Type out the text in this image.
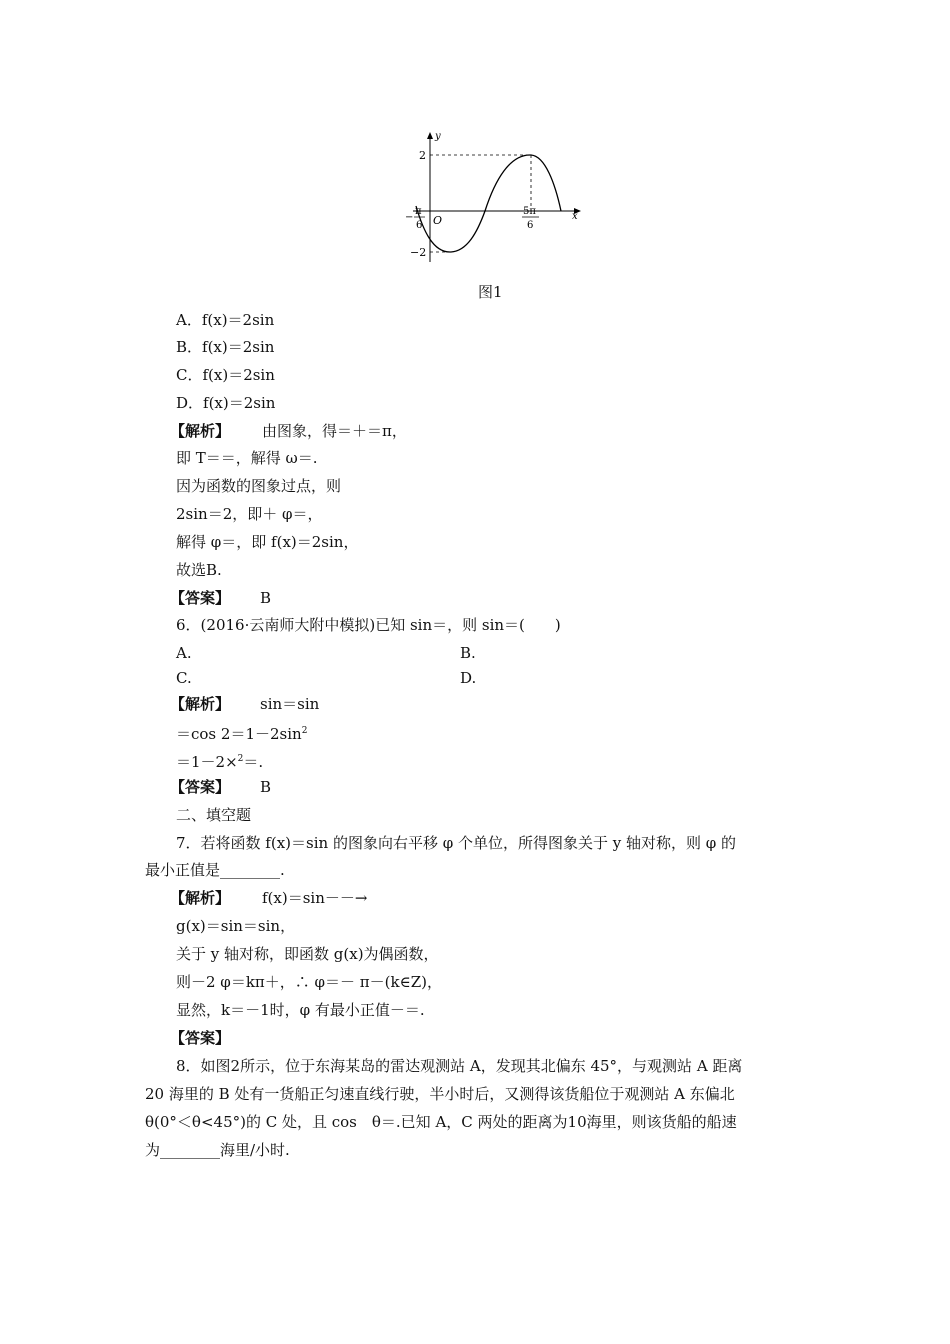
y
x
O
2
−2
−
π
6
5π
6
图1
A．f(x)＝2sin
B．f(x)＝2sin
C．f(x)＝2sin
D．f(x)＝2sin
【解析】 由图象，得＝＋＝π，
即 T＝＝，解得 ω＝.
因为函数的图象过点，则
2sin＝2，即＋ φ＝，
解得 φ＝，即 f(x)＝2sin，
故选B.
【答案】 B
6．(2016·云南师大附中模拟)已知 sin＝，则 sin＝(　　)
A.	B.
C.	D.
【解析】 sin＝sin
＝cos $2=1-2\sin^2$
＝1－2×$^2$＝.
【答案】 B
二、填空题
7．若将函数 f(x)＝sin 的图象向右平移 φ 个单位，所得图象关于 y 轴对称，则 φ 的
最小正值是________.
【解析】 f(x)＝sin－－→
g(x)＝sin＝sin，
关于 y 轴对称，即函数 g(x)为偶函数，
则－2 φ＝kπ＋，∴ φ＝－ π－(k∈Z)，
显然，k＝－1时，φ 有最小正值－＝.
【答案】
8．如图2所示，位于东海某岛的雷达观测站 A，发现其北偏东 45°，与观测站 A 距离
20 海里的 B 处有一货船正匀速直线行驶，半小时后，又测得该货船位于观测站 A 东偏北
θ(0°＜θ<45°)的 C 处，且 cos　θ＝.已知 A，C 两处的距离为10海里，则该货船的船速
为________海里/小时.
